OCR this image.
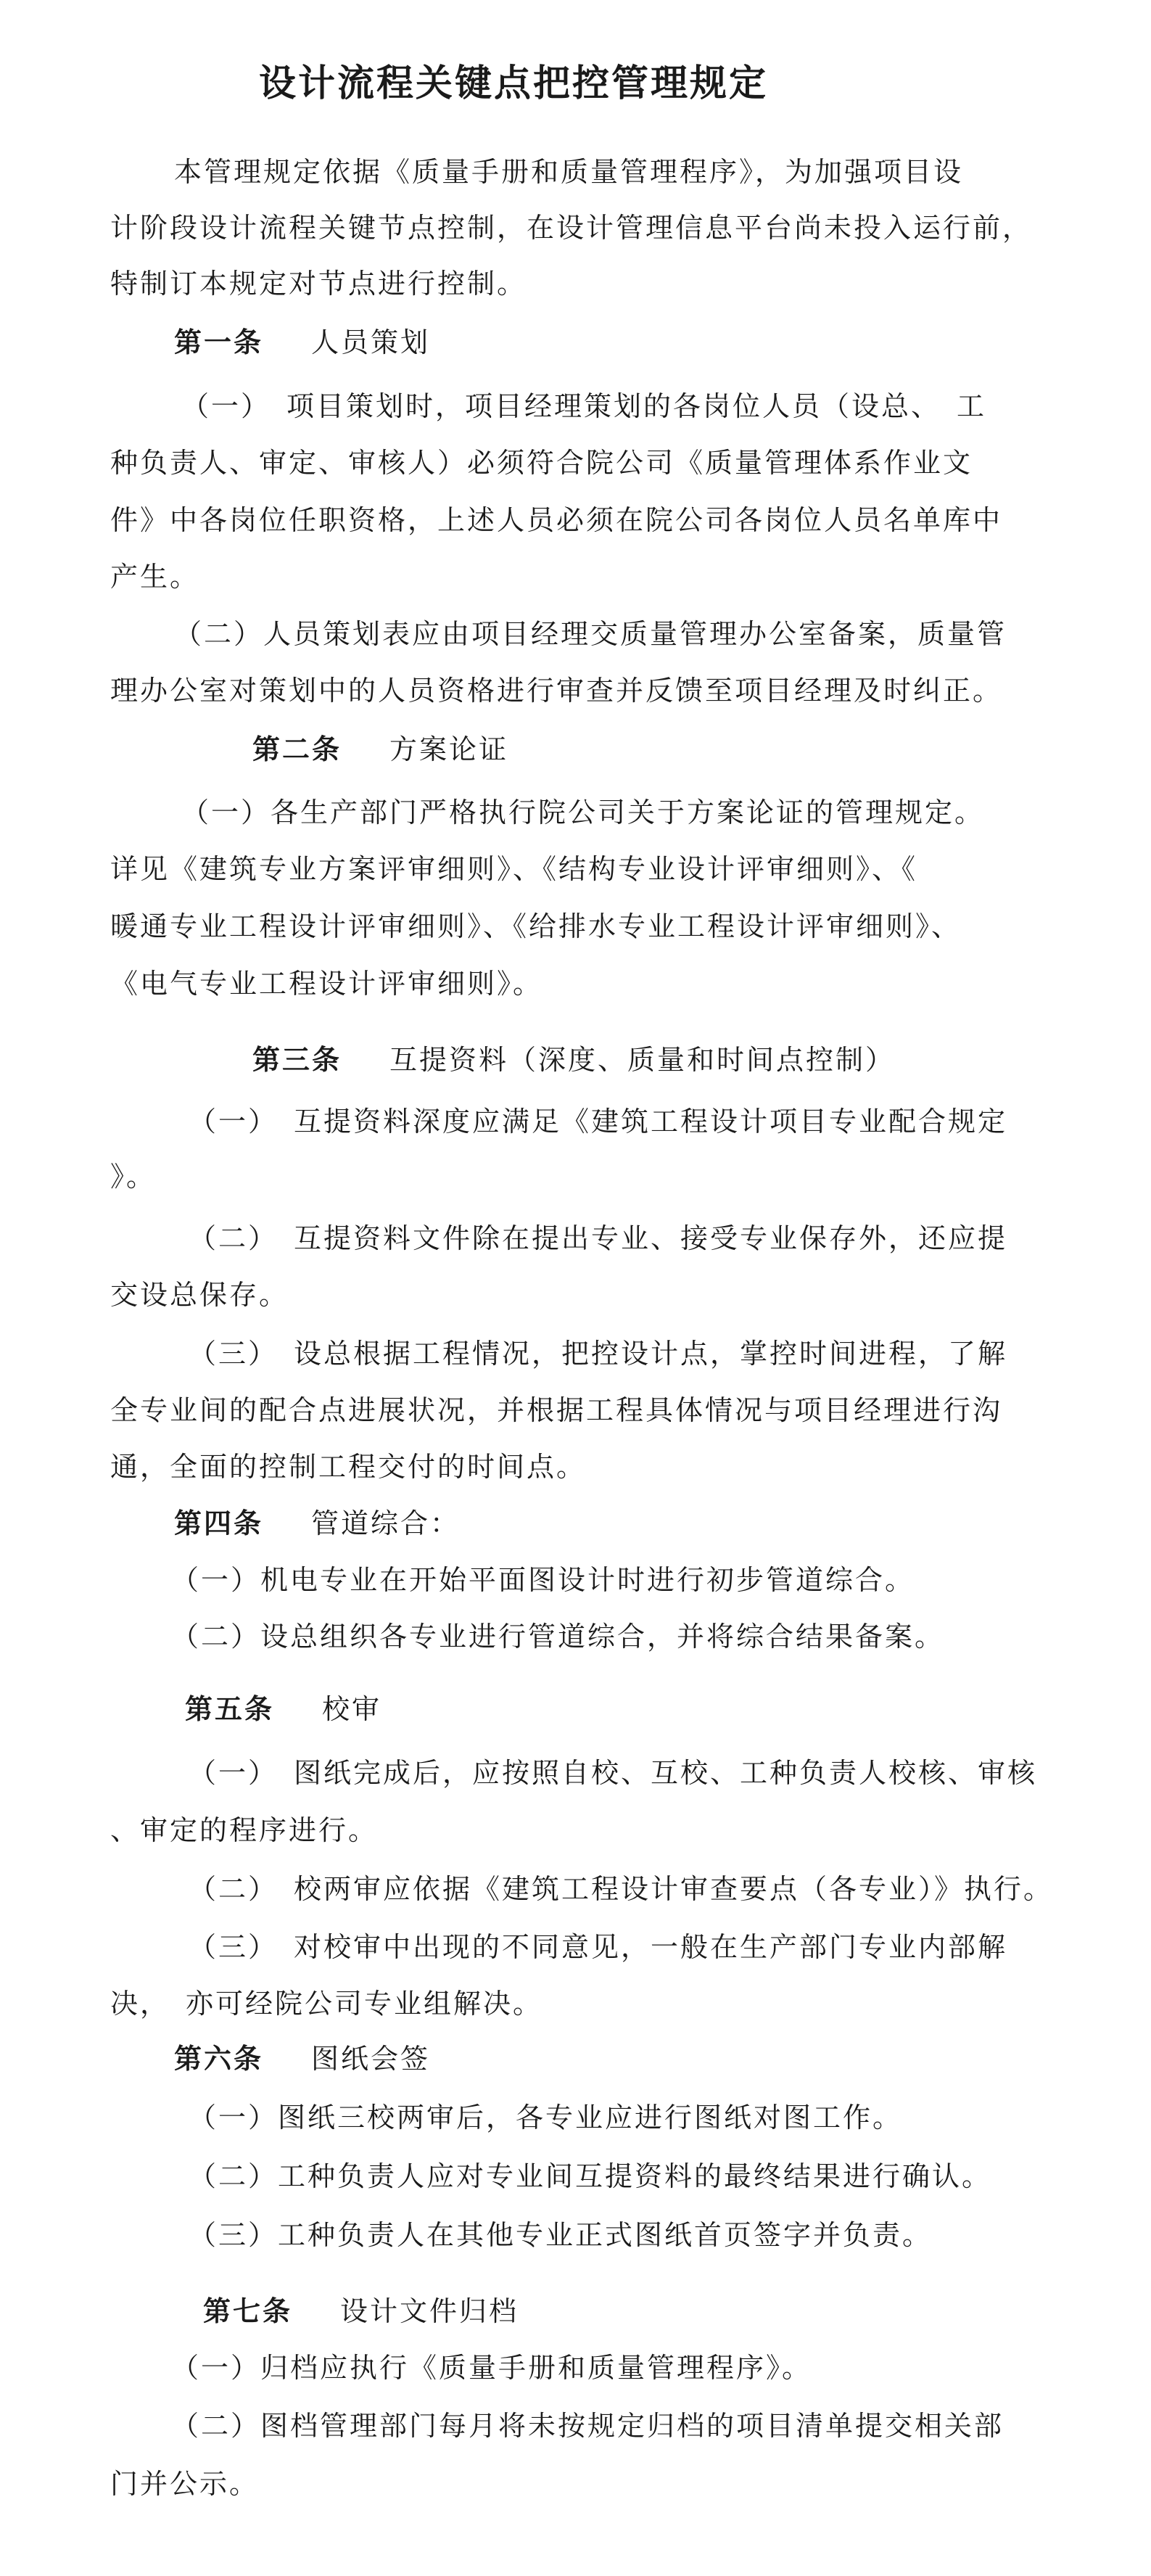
设计流程关键点把控管理规定
本管理规定依据《质量手册和质量管理程序》，为加强项目设
计阶段设计流程关键节点控制，在设计管理信息平台尚未投入运行前，
特制订本规定对节点进行控制。
第一条 人员策划
（一）　项目策划时，项目经理策划的各岗位人员（设总、　工
种负责人、审定、审核人）必须符合院公司《质量管理体系作业文
件》中各岗位任职资格，上述人员必须在院公司各岗位人员名单库中
产生。
（二）人员策划表应由项目经理交质量管理办公室备案，质量管
理办公室对策划中的人员资格进行审查并反馈至项目经理及时纠正。
第二条 方案论证
（一）各生产部门严格执行院公司关于方案论证的管理规定。
详见《建筑专业方案评审细则》、《结构专业设计评审细则》、《
暖通专业工程设计评审细则》、《给排水专业工程设计评审细则》、
《电气专业工程设计评审细则》。
第三条 互提资料（深度、质量和时间点控制）
（一）　互提资料深度应满足《建筑工程设计项目专业配合规定
》。
（二）　互提资料文件除在提出专业、接受专业保存外，还应提
交设总保存。
（三）　设总根据工程情况，把控设计点，掌控时间进程，了解
全专业间的配合点进展状况，并根据工程具体情况与项目经理进行沟
通，全面的控制工程交付的时间点。
第四条 管道综合：
（一）机电专业在开始平面图设计时进行初步管道综合。
（二）设总组织各专业进行管道综合，并将综合结果备案。
第五条 校审
（一）　图纸完成后，应按照自校、互校、工种负责人校核、审核
、审定的程序进行。
（二）　校两审应依据《建筑工程设计审查要点（各专业）》执行。
（三）　对校审中出现的不同意见，一般在生产部门专业内部解
决，　亦可经院公司专业组解决。
第六条 图纸会签
（一）图纸三校两审后，各专业应进行图纸对图工作。
（二）工种负责人应对专业间互提资料的最终结果进行确认。
（三）工种负责人在其他专业正式图纸首页签字并负责。
第七条 设计文件归档
（一）归档应执行《质量手册和质量管理程序》。
（二）图档管理部门每月将未按规定归档的项目清单提交相关部
门并公示。
